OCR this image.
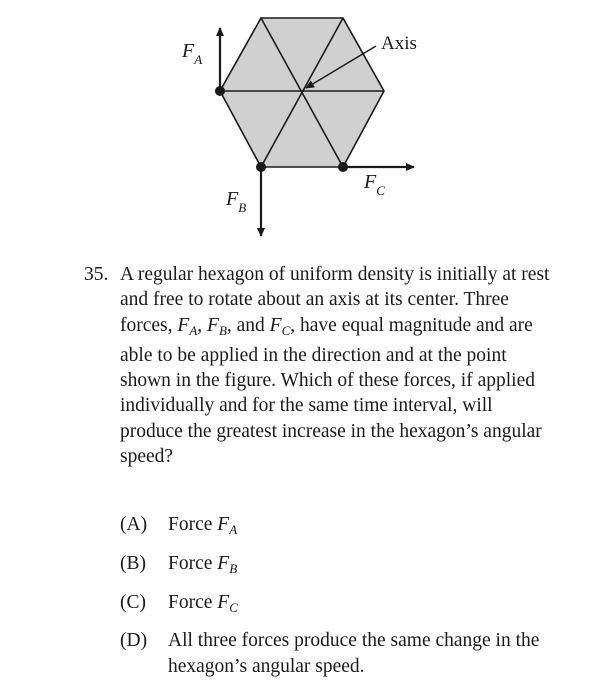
$F_A$
$F_B$
$F_C$
Axis
35. A regular hexagon of uniform density is initially at rest and free to rotate about an axis at its center. Three forces, $F_A$, $F_B$, and $F_C$, have equal magnitude and are able to be applied in the direction and at the point shown in the figure. Which of these forces, if applied individually and for the same time interval, will produce the greatest increase in the hexagon’s angular speed?
(A) Force $F_A$
(B) Force $F_B$
(C) Force $F_C$
(D) All three forces produce the same change in the hexagon’s angular speed.
